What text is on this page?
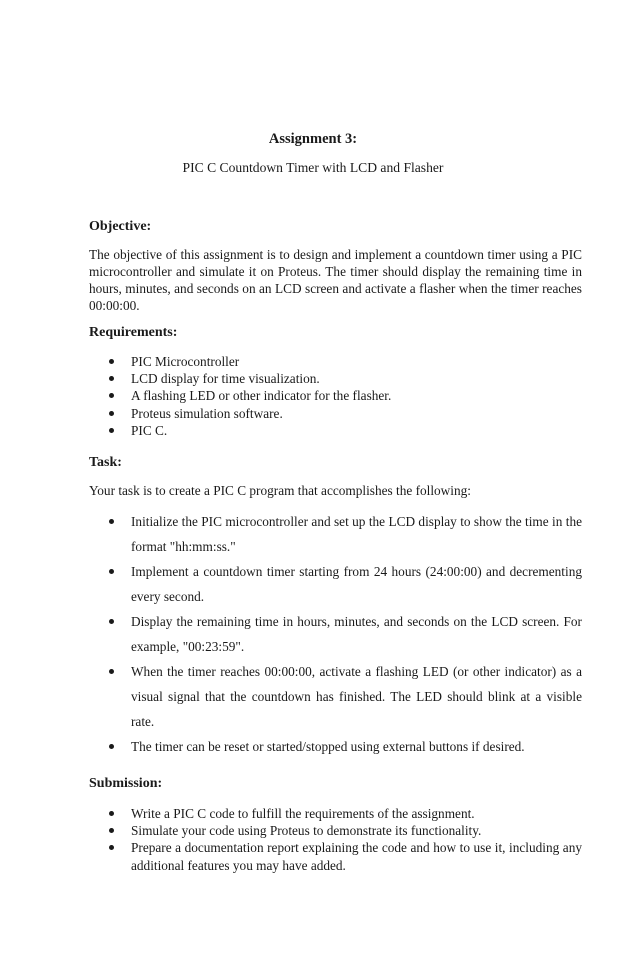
Assignment 3:
PIC C Countdown Timer with LCD and Flasher
Objective:
The objective of this assignment is to design and implement a countdown timer using a PIC microcontroller and simulate it on Proteus. The timer should display the remaining time in hours, minutes, and seconds on an LCD screen and activate a flasher when the timer reaches 00:00:00.
Requirements:
PIC Microcontroller
LCD display for time visualization.
A flashing LED or other indicator for the flasher.
Proteus simulation software.
PIC C.
Task:
Your task is to create a PIC C program that accomplishes the following:
Initialize the PIC microcontroller and set up the LCD display to show the time in the format "hh:mm:ss."
Implement a countdown timer starting from 24 hours (24:00:00) and decrementing every second.
Display the remaining time in hours, minutes, and seconds on the LCD screen. For example, "00:23:59".
When the timer reaches 00:00:00, activate a flashing LED (or other indicator) as a visual signal that the countdown has finished. The LED should blink at a visible rate.
The timer can be reset or started/stopped using external buttons if desired.
Submission:
Write a PIC C code to fulfill the requirements of the assignment.
Simulate your code using Proteus to demonstrate its functionality.
Prepare a documentation report explaining the code and how to use it, including any additional features you may have added.
